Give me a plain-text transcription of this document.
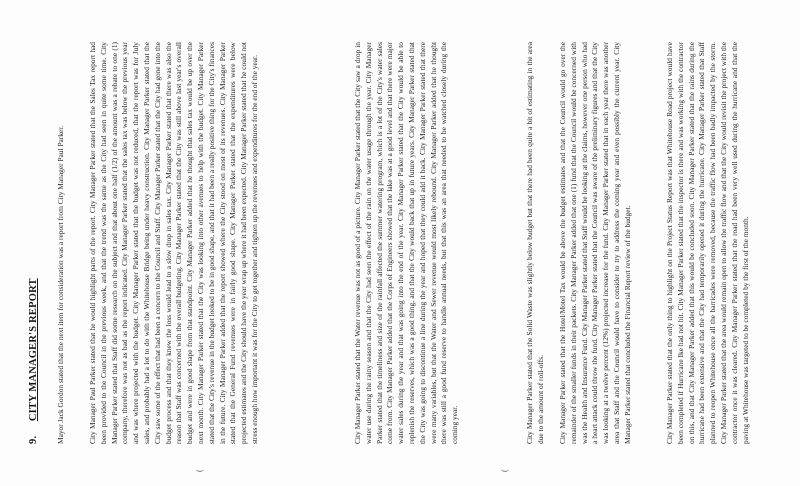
9. CITY MANAGER'S REPORT Mayor Jack Gordon stated that the next item for consideration was a report from City Manager Paul Parker.	City Manager Paul Parker stated that he would highlight parts of the report. City Manager Parker stated that the Sales Tax report had been provided to the Council in the previous week, and that the trend was the same as the City had seen in quite some time. City Manager Parker stated that Staff did some research on the subject and that about one half (1/2) of the amount was a rebate to one (1) company, therefore was not as bad as the report indicated. City Manager Parker stated that the sales tax was below the previous year and was where projected with the budget. City Manager Parker stated that the budget was not reduced, that the report was for July sales, and probably had a lot to do with the Whitehouse Bridge being under heavy construction. City Manager Parker stated that the City saw some of the effect that had been a concern to the Council and Staff. City Manager Parker stated that the City had gone into the budget process and that they knew the loss would lead to a slow drop in sales tax. City Manager Parker stated that there was also the reason that Staff was concerned with the overall budgeting. City Manager Parker stated that the City was still above last year's overall budget and were in good shape from that standpoint. City Manager Parker added that he thought that sales tax would be up over the next month. City Manager Parker stated that the City was looking into other avenues to help with the budget. City Manager Parker stated that the City's revenue in the budget looked to be in good shape, and that it had been a really positive thing for the City's finances in the future. City Manager Parker added that the report showed where the City stood on most of its revenues. City Manager Parker stated that the General Fund revenues were in fairly good shape. City Manager Parker stated that the expenditures were below projected estimates and the City should have the year wrap up where it had been expected. City Manager Parker stated that he could not stress enough how important it was for the City to get together and tighten up the revenues and expenditures for the end of the year.	City Manager Parker stated that the Water revenue was not as good of a picture. City Manager Parker stated that the City saw a drop in water use during the rainy season and that the City had seen the effect of the rain on the water usage through the year. City Manager Parker stated that the timeliness and size of the rainfall affected the summer watering program, which is a lot of the City's water sales come from. City Manager Parker added that the Corps of Engineers showed that the lake was at a good level and that there were major water sales during the year and that was going into the end of the year. City Manager Parker stated that the City would be able to replenish the reserves, which was a good thing, and that the City would back that up in future years. City Manager Parker stated that the City was going to discontinue a line during the year and hoped that they could add it back. City Manager Parker stated that there were many variables, but that the Water and Sewer revenue would most likely rebound. City Manager Parker added that he thought there was still a good fund reserve to handle annual needs, but that this was an area that needed to be watched closely during the coming year.	City Manager Parker stated that the Solid Waste was slightly below budget but that there had been quite a bit of estimating in the area due to the amount of roll-offs. City Manager Parker stated that the Hotel/Motel Tax would be above the budget estimates and that the Council would go over the remainder of the smaller funds in their packets. City Manager Parker added that one (1) fund that the Council would be concerned with was the Health and Insurance Fund. City Manager Parker stated that Staff would be looking at the claims, however one person who had a heart attack could throw the fund. City Manager Parker stated that the Council was aware of the preliminary figures and that the City was looking at a twelve percent (12%) projected increase for the fund. City Manager Parker stated that in each year there was another area that Staff and the Council would have to consider to try to address the coming year and even possibly the current year. City Manager Parker stated that concluded the Financial Report review of the budget.	City Manager Parker stated that the only thing to highlight on the Project Status Report was that Whitehouse Road project would have been completed if Hurricane Ike had not hit. City Manager Parker stated that the inspector is there and was working with the contractor on this, and that City Manager Parker added that this would be concluded soon. City Manager Parker stated that the rains during the hurricane had been extensive and that the City had temporarily opened it during the hurricane. City Manager Parker stated that Staff planned to reopen Whitehouse once all the barricades were removed, because the traffic flow had been badly impacted by the storm. City Manager Parker stated that the area would remain open to allow the traffic flow and that the City would revisit the project with the contractor once it was cleared. City Manager Parker stated that the road had been very well used during the hurricane and that the paving at Whitehouse was targeted to be completed by the first of the month.

(	(
